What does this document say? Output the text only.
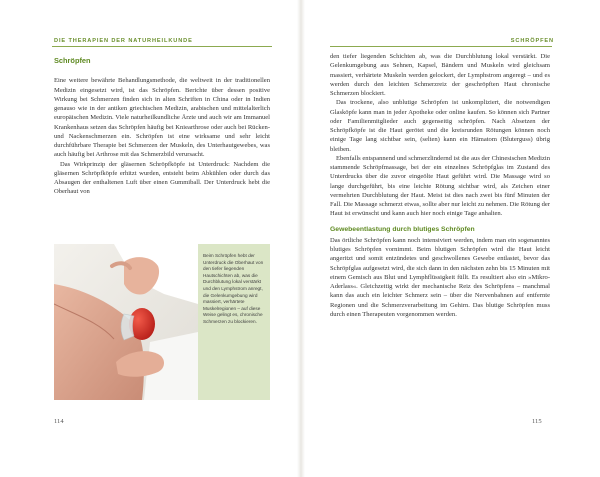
DIE THERAPIEN DER NATURHEILKUNDE
Schröpfen

Eine weitere bewährte Behandlungsmethode, die weltweit in der traditionellen Medizin eingesetzt wird, ist das Schröpfen. Berichte über dessen positive Wirkung bei Schmerzen finden sich in alten Schriften in China oder in Indien genauso wie in der antiken griechischen Medizin, arabischen und mittelalterlich europäischen Medizin. Viele naturheilkundliche Ärzte und auch wir am Immanuel Krankenhaus setzen das Schröpfen häufig bei Kniearthrose oder auch bei Rücken- und Nackenschmerzen ein. Schröpfen ist eine wirksame und sehr leicht durchführbare Therapie bei Schmerzen der Muskeln, des Unterhautgewebes, was auch häufig bei Arthrose mit das Schmerzbild verursacht.

Das Wirkprinzip der gläsernen Schröpfköpfe ist Unterdruck: Nachdem die gläsernen Schröpfköpfe erhitzt wurden, entsteht beim Abkühlen oder durch das Absaugen der enthaltenen Luft über einen Gummiball. Der Unterdruck hebt die Oberhaut von

Beim Schröpfen hebt der Unterdruck die Oberhaut von den tiefer liegenden Hautschichten ab, was die Durchblutung lokal verstärkt und den Lymphstrom anregt, die Gelenkumgebung wird massiert, verhärtete Muskelregionen – auf diese Weise gelingt es, chronische Schmerzen zu blockieren.
114
SCHRÖPFEN

den tiefer liegenden Schichten ab, was die Durchblutung lokal verstärkt. Die Gelenkumgebung aus Sehnen, Kapsel, Bändern und Muskeln wird gleichsam massiert, verhärtete Muskeln werden gelockert, der Lymphstrom angeregt – und es werden durch den leichten Schmerzreiz der geschröpften Haut chronische Schmerzen blockiert.

Das trockene, also unblutige Schröpfen ist unkompliziert, die notwendigen Glasköpfe kann man in jeder Apotheke oder online kaufen. So können sich Partner oder Familienmitglieder auch gegenseitig schröpfen. Nach Absetzen der Schröpfköpfe ist die Haut gerötet und die kreisrunden Rötungen können noch einige Tage lang sichtbar sein, (selten) kann ein Hämatom (Bluterguss) übrig bleiben.

Ebenfalls entspannend und schmerzlindernd ist die aus der Chinesischen Medizin stammende Schröpfmassage, bei der ein einzelnes Schröpfglas im Zustand des Unterdrucks über die zuvor eingeölte Haut geführt wird. Die Massage wird so lange durchgeführt, bis eine leichte Rötung sichtbar wird, als Zeichen einer vermehrten Durchblutung der Haut. Meist ist dies nach zwei bis fünf Minuten der Fall. Die Massage schmerzt etwas, sollte aber nur leicht zu nehmen. Die Rötung der Haut ist erwünscht und kann auch hier noch einige Tage anhalten.

Gewebeentlastung durch blutiges Schröpfen

Das örtliche Schröpfen kann noch intensiviert werden, indem man ein sogenanntes blutiges Schröpfen vornimmt. Beim blutigen Schröpfen wird die Haut leicht angeritzt und somit entzündetes und geschwollenes Gewebe entlastet, bevor das Schröpfglas aufgesetzt wird, die sich dann in den nächsten zehn bis 15 Minuten mit einem Gemisch aus Blut und Lymphflüssigkeit füllt. Es resultiert also ein »Mikro-Aderlass«. Gleichzeitig wirkt der mechanische Reiz des Schröpfens – manchmal kann das auch ein leichter Schmerz sein – über die Nervenbahnen auf entfernte Regionen und die Schmerzverarbeitung im Gehirn. Das blutige Schröpfen muss durch einen Therapeuten vorgenommen werden.

115
